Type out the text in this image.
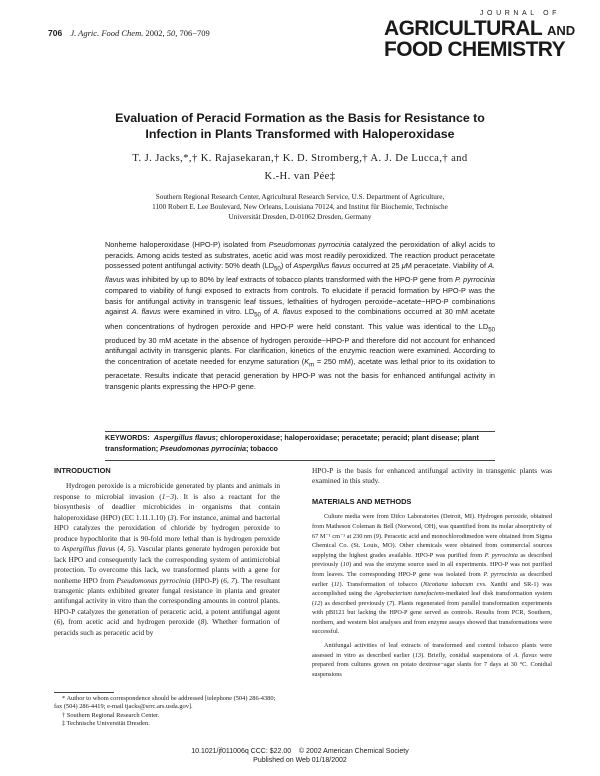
706 J. Agric. Food Chem. 2002, 50, 706−709
JOURNAL OF
AGRICULTURAL AND
FOOD CHEMISTRY
Evaluation of Peracid Formation as the Basis for Resistance to
Infection in Plants Transformed with Haloperoxidase
T. J. Jacks,*,† K. Rajasekaran,† K. D. Stromberg,† A. J. De Lucca,† and
K.-H. van Pée‡
Southern Regional Research Center, Agricultural Research Service, U.S. Department of Agriculture,
1100 Robert E. Lee Boulevard, New Orleans, Louisiana 70124, and Institut für Biochemie, Technische
Universität Dresden, D-01062 Dresden, Germany

Nonheme haloperoxidase (HPO-P) isolated from Pseudomonas pyrrocinia catalyzed the peroxidation of alkyl acids to peracids. Among acids tested as substrates, acetic acid was most readily peroxidized. The reaction product peracetate possessed potent antifungal activity: 50% death $(LD_{50})$ of Aspergillus flavus occurred at 25 μM peracetate. Viability of A. flavus was inhibited by up to 80% by leaf extracts of tobacco plants transformed with the HPO-P gene from P. pyrrocinia compared to viability of fungi exposed to extracts from controls. To elucidate if peracid formation by HPO-P was the basis for antifungal activity in transgenic leaf tissues, lethalities of hydrogen peroxide−acetate−HPO-P combinations against A. flavus were examined in vitro. $LD_{50}$ of A. flavus exposed to the combinations occurred at 30 mM acetate when concentrations of hydrogen peroxide and HPO-P were held constant. This value was identical to the $LD_{50}$ produced by 30 mM acetate in the absence of hydrogen peroxide−HPO-P and therefore did not account for enhanced antifungal activity in transgenic plants. For clarification, kinetics of the enzymic reaction were examined. According to the concentration of acetate needed for enzyme saturation ($K_m = 250$ mM), acetate was lethal prior to its oxidation to peracetate. Results indicate that peracid generation by HPO-P was not the basis for enhanced antifungal activity in transgenic plants expressing the HPO-P gene.

KEYWORDS: Aspergillus flavus; chloroperoxidase; haloperoxidase; peracetate; peracid; plant disease; plant transformation; Pseudomonas pyrrocinia; tobacco
INTRODUCTION

Hydrogen peroxide is a microbicide generated by plants and animals in response to microbial invasion (1−3). It is also a reactant for the biosynthesis of deadlier microbicides in organisms that contain haloperoxidase (HPO) (EC 1.11.1.10) (3). For instance, animal and bacterial HPO catalyzes the peroxidation of chloride by hydrogen peroxide to produce hypochlorite that is 90-fold more lethal than is hydrogen peroxide to Aspergillus flavus (4, 5). Vascular plants generate hydrogen peroxide but lack HPO and consequently lack the corresponding system of antimicrobial protection. To overcome this lack, we transformed plants with a gene for nonheme HPO from Pseudomonas pyrrocinia (HPO-P) (6, 7). The resultant transgenic plants exhibited greater fungal resistance in planta and greater antifungal activity in vitro than the corresponding amounts in control plants. HPO-P catalyzes the generation of peracetic acid, a potent antifungal agent (6), from acetic acid and hydrogen peroxide (8). Whether formation of peracids such as peracetic acid by

HPO-P is the basis for enhanced antifungal activity in transgenic plants was examined in this study.

MATERIALS AND METHODS

Culture media were from Difco Laboratories (Detroit, MI). Hydrogen peroxide, obtained from Matheson Coleman & Bell (Norwood, OH), was quantified from its molar absorptivity of 67 M⁻¹ cm⁻¹ at 230 nm (9). Peracetic acid and monochlorodimedon were obtained from Sigma Chemical Co. (St. Louis, MO). Other chemicals were obtained from commercial sources supplying the highest grades available. HPO-P was purified from P. pyrrocinia as described previously (10) and was the enzyme source used in all experiments. HPO-P was not purified from leaves. The corresponding HPO-P gene was isolated from P. pyrrocinia as described earlier (11). Transformation of tobacco (Nicotiana tabacum cvs. Xanthi and SR-1) was accomplished using the Agrobacterium tumefaciens-mediated leaf disk transformation system (12) as described previously (7). Plants regenerated from parallel transformation experiments with pBI121 but lacking the HPO-P gene served as controls. Results from PCR, Southern, northern, and western blot analyses and from enzyme assays showed that transformations were successful.

Antifungal activities of leaf extracts of transformed and control tobacco plants were assessed in vitro as described earlier (13). Briefly, conidial suspensions of A. flavus were prepared from cultures grown on potato dextrose−agar slants for 7 days at 30 °C. Conidial suspensions

* Author to whom correspondence should be addressed [telephone (504) 286-4380; fax (504) 286-4419; e-mail tjacks@srrc.ars.usda.gov].
† Southern Regional Research Center.
‡ Technische Universität Dresden.
10.1021/jf011006q CCC: $22.00    © 2002 American Chemical Society
Published on Web 01/18/2002
